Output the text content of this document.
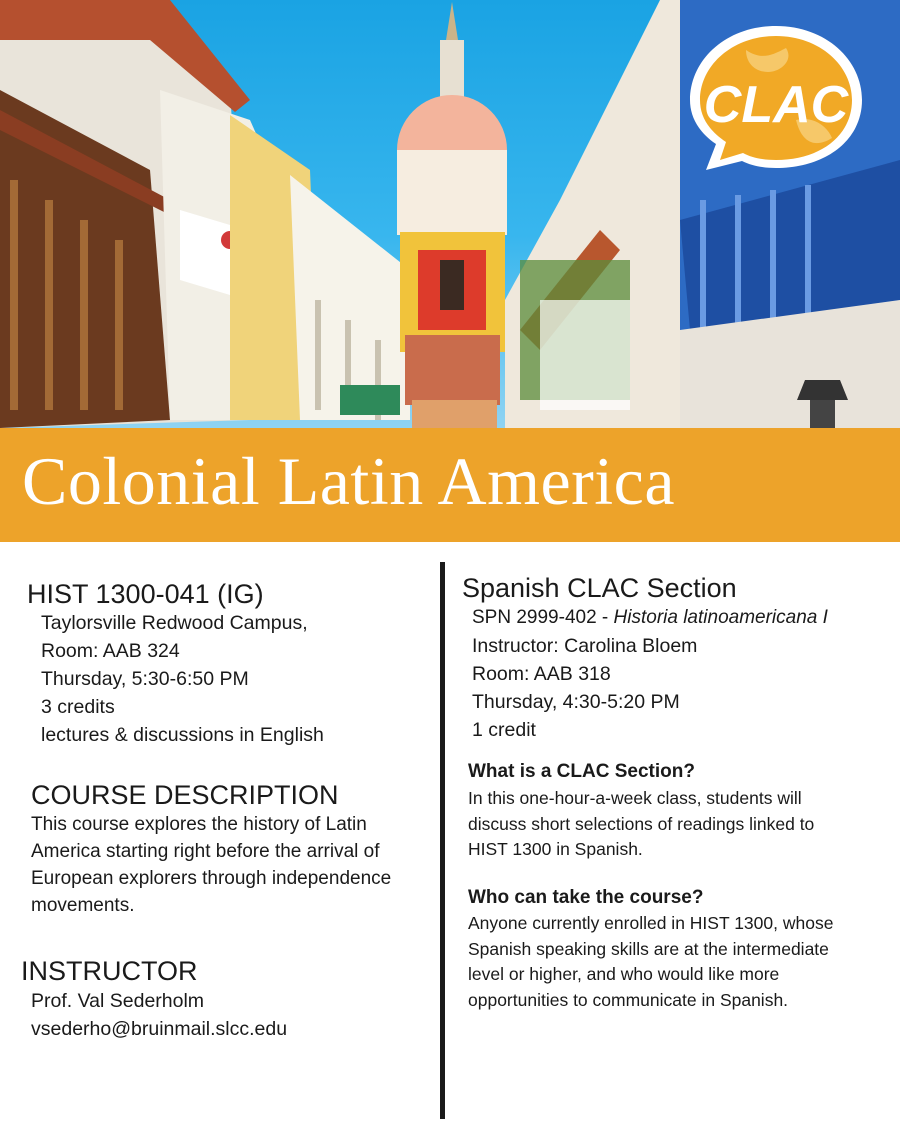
CLAC
Colonial Latin America
HIST 1300-041 (IG)
Taylorsville Redwood Campus,
Room: AAB 324
Thursday, 5:30-6:50 PM
3 credits
lectures & discussions in English
COURSE DESCRIPTION
This course explores the history of Latin
America starting right before the arrival of
European explorers through independence
movements.
INSTRUCTOR
Prof. Val Sederholm
vsederho@bruinmail.slcc.edu
Spanish CLAC Section
SPN 2999-402 - Historia latinoamericana I
Instructor: Carolina Bloem
Room: AAB 318
Thursday, 4:30-5:20 PM
1 credit
What is a CLAC Section?
In this one-hour-a-week class, students will
discuss short selections of readings linked to
HIST 1300 in Spanish.
Who can take the course?
Anyone currently enrolled in HIST 1300, whose
Spanish speaking skills are at the intermediate
level or higher, and who would like more
opportunities to communicate in Spanish.
